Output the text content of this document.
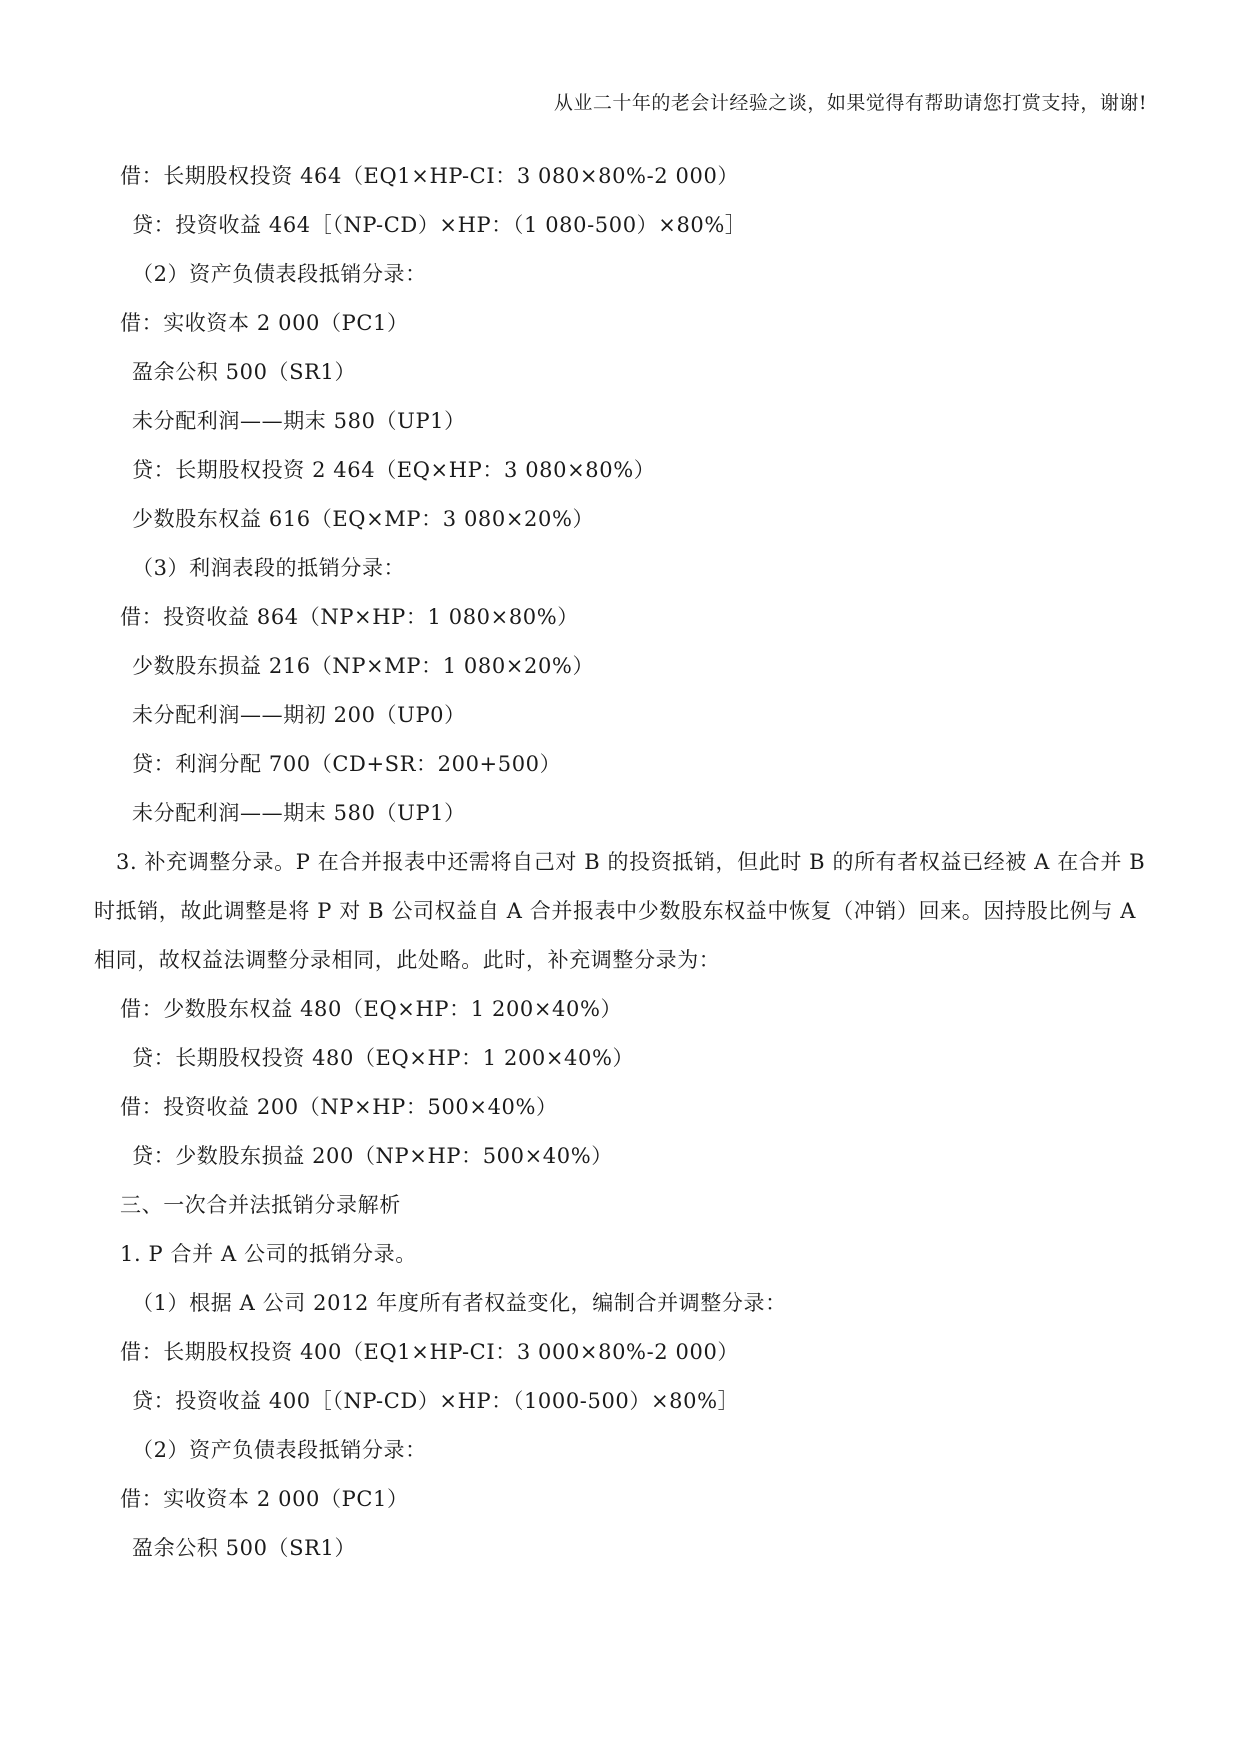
从业二十年的老会计经验之谈，如果觉得有帮助请您打赏支持，谢谢!
借：长期股权投资 464（EQ1×HP-CI：3 080×80%-2 000）
贷：投资收益 464［（NP-CD）×HP：（1 080-500）×80%］
（2）资产负债表段抵销分录：
借：实收资本 2 000（PC1）
盈余公积 500（SR1）
未分配利润——期末 580（UP1）
贷：长期股权投资 2 464（EQ×HP：3 080×80%）
少数股东权益 616（EQ×MP：3 080×20%）
（3）利润表段的抵销分录：
借：投资收益 864（NP×HP：1 080×80%）
少数股东损益 216（NP×MP：1 080×20%）
未分配利润——期初 200（UP0）
贷：利润分配 700（CD+SR：200+500）
未分配利润——期末 580（UP1）
3. 补充调整分录。P 在合并报表中还需将自己对 B 的投资抵销，但此时 B 的所有者权益已经被 A 在合并 B 时抵销，故此调整是将 P 对 B 公司权益自 A 合并报表中少数股东权益中恢复（冲销）回来。因持股比例与 A 相同，故权益法调整分录相同，此处略。此时，补充调整分录为：
借：少数股东权益 480（EQ×HP：1 200×40%）
贷：长期股权投资 480（EQ×HP：1 200×40%）
借：投资收益 200（NP×HP：500×40%）
贷：少数股东损益 200（NP×HP：500×40%）
三、一次合并法抵销分录解析
1. P 合并 A 公司的抵销分录。
（1）根据 A 公司 2012 年度所有者权益变化，编制合并调整分录：
借：长期股权投资 400（EQ1×HP-CI：3 000×80%-2 000）
贷：投资收益 400［（NP-CD）×HP：（1000-500）×80%］
（2）资产负债表段抵销分录：
借：实收资本 2 000（PC1）
盈余公积 500（SR1）
